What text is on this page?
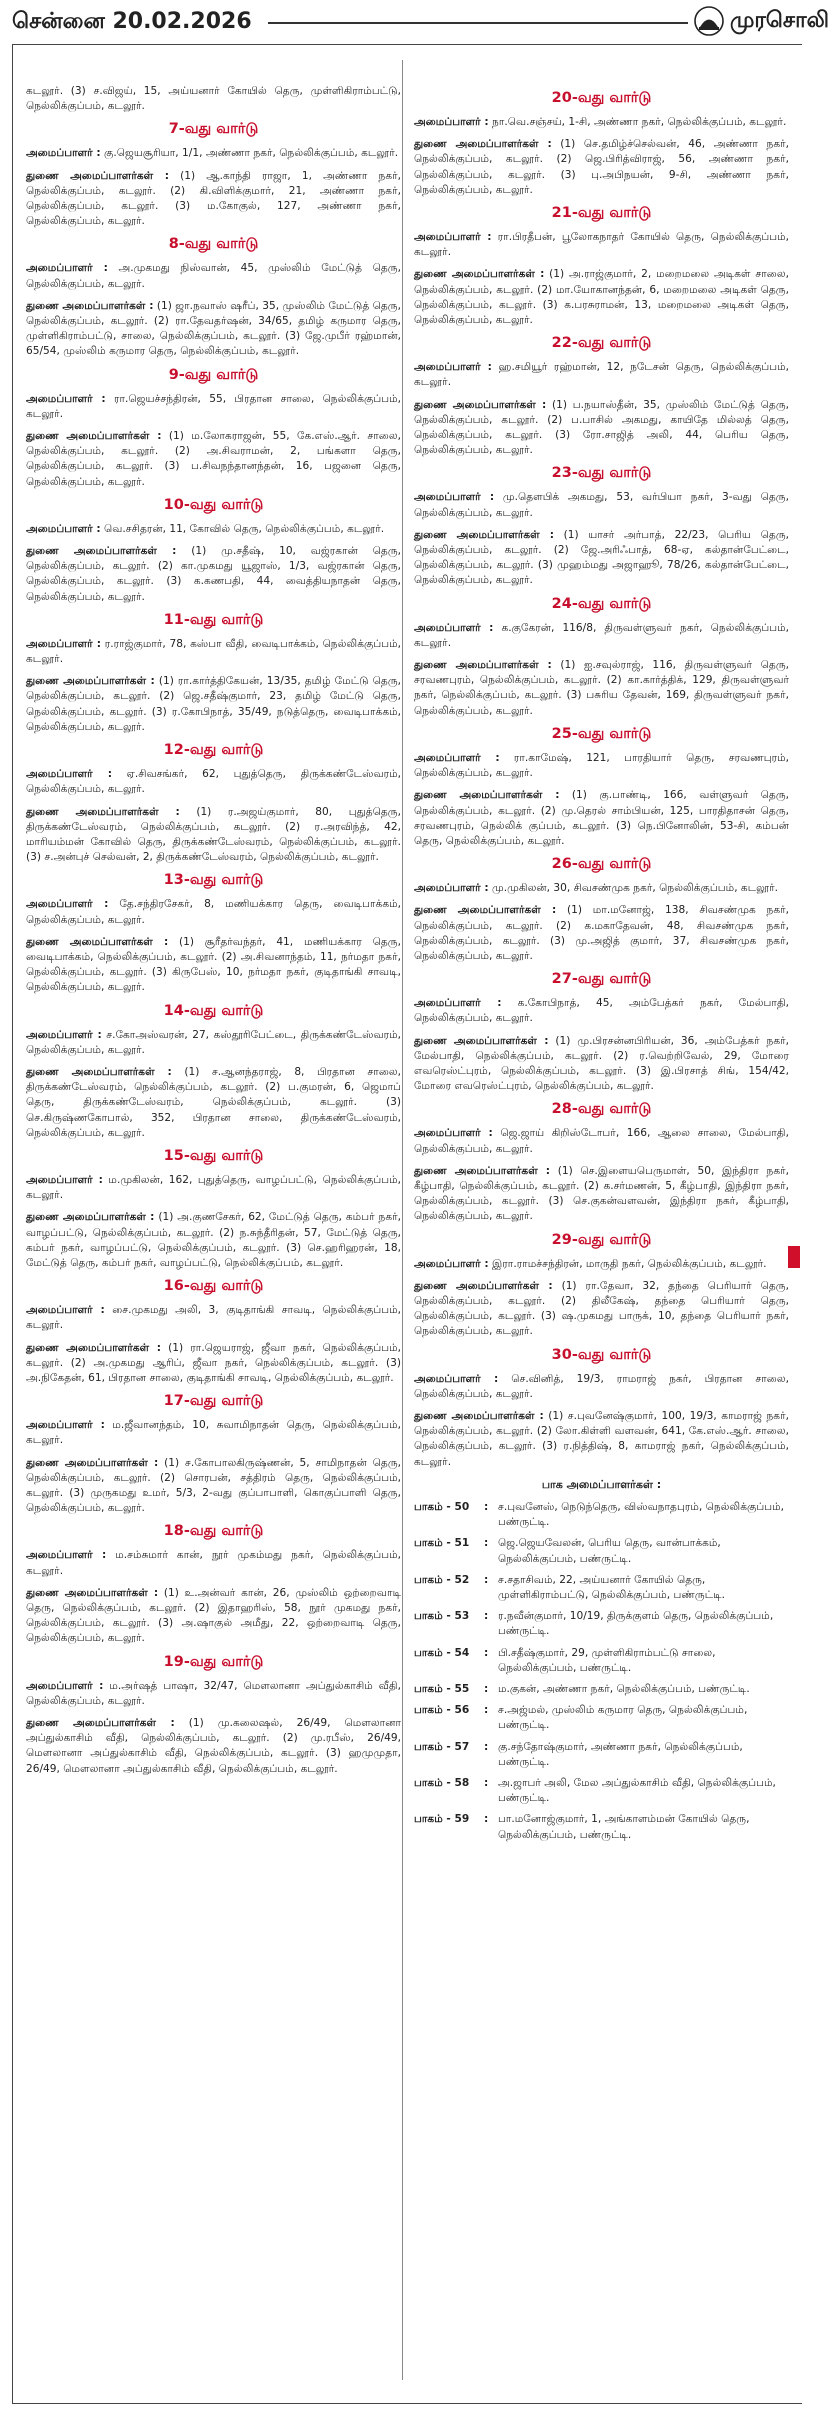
சென்னை 20.02.2026	முரசொலி

கடலூர். (3) ச.விஜய், 15, அய்யனார் கோயில் தெரு, முள்ளிகிராம்பட்டு, நெல்லிக்குப்பம், கடலூர்.

7-வது வார்டு

அமைப்பாளர் : கு.ஜெயசூரியா, 1/1, அண்ணா நகர், நெல்லிக்குப்பம், கடலூர்.

துணை அமைப்பாளர்கள் : (1) ஆ.காந்தி ராஜா, 1, அண்ணா நகர், நெல்லிக்குப்பம், கடலூர். (2) கி.விளிக்குமார், 21, அண்ணா நகர், நெல்லிக்குப்பம், கடலூர். (3) ம.கோகுல், 127, அண்ணா நகர், நெல்லிக்குப்பம், கடலூர்.

8-வது வார்டு

அமைப்பாளர் : அ.முகமது நிஸ்வான், 45, முஸ்லிம் மேட்டுத் தெரு, நெல்லிக்குப்பம், கடலூர்.

துணை அமைப்பாளர்கள் : (1) ஜா.நவாஸ் ஷரீப், 35, முஸ்லிம் மேட்டுத் தெரு, நெல்லிக்குப்பம், கடலூர். (2) ரா.தேவதர்ஷன், 34/65, தமிழ் கருமார தெரு, முள்ளிகிராம்பட்டு, சாலை, நெல்லிக்குப்பம், கடலூர். (3) ஜே.முபீர் ரஹ்மான், 65/54, முஸ்லிம் கருமார தெரு, நெல்லிக்குப்பம், கடலூர்.

9-வது வார்டு

அமைப்பாளர் : ரா.ஜெயச்சந்திரன், 55, பிரதான சாலை, நெல்லிக்குப்பம், கடலூர்.

துணை அமைப்பாளர்கள் : (1) ம.லோகராஜன், 55, கே.எஸ்.ஆர். சாலை, நெல்லிக்குப்பம், கடலூர். (2) அ.சிவராமன், 2, பங்களா தெரு, நெல்லிக்குப்பம், கடலூர். (3) ப.சிவநந்தானந்தன், 16, பஜனை தெரு, நெல்லிக்குப்பம், கடலூர்.

10-வது வார்டு

அமைப்பாளர் : வெ.சசிதரன், 11, கோவில் தெரு, நெல்லிக்குப்பம், கடலூர்.

துணை அமைப்பாளர்கள் : (1) மு.சதீஷ், 10, வஜ்ரகான் தெரு, நெல்லிக்குப்பம், கடலூர். (2) கா.முகமது யூஜாஸ், 1/3, வஜ்ரகான் தெரு, நெல்லிக்குப்பம், கடலூர். (3) க.கணபதி, 44, வைத்தியநாதன் தெரு, நெல்லிக்குப்பம், கடலூர்.

11-வது வார்டு

அமைப்பாளர் : ர.ராஜ்குமார், 78, கஸ்பா வீதி, வைடிபாக்கம், நெல்லிக்குப்பம், கடலூர்.

துணை அமைப்பாளர்கள் : (1) ரா.கார்த்திகேயன், 13/35, தமிழ் மேட்டு தெரு, நெல்லிக்குப்பம், கடலூர். (2) ஜெ.சதீஷ்குமார், 23, தமிழ் மேட்டு தெரு, நெல்லிக்குப்பம், கடலூர். (3) ர.கோபிநாத், 35/49, நடுத்தெரு, வைடிபாக்கம், நெல்லிக்குப்பம், கடலூர்.

12-வது வார்டு

அமைப்பாளர் : ஏ.சிவசங்கர், 62, புதுத்தெரு, திருக்கண்டேஸ்வரம், நெல்லிக்குப்பம், கடலூர்.

துணை அமைப்பாளர்கள் : (1) ர.அஜய்குமார், 80, புதுத்தெரு, திருக்கண்டேஸ்வரம், நெல்லிக்குப்பம், கடலூர். (2) ர.அரவிந்த், 42, மாரியம்மன் கோவில் தெரு, திருக்கண்டேஸ்வரம், நெல்லிக்குப்பம், கடலூர். (3) ச.அன்புச் செல்வன், 2, திருக்கண்டேஸ்வரம், நெல்லிக்குப்பம், கடலூர்.

13-வது வார்டு

அமைப்பாளர் : தே.சந்திரசேகர், 8, மணியக்கார தெரு, வைடிபாக்கம், நெல்லிக்குப்பம், கடலூர்.

துணை அமைப்பாளர்கள் : (1) சூரீதர்வந்தர், 41, மணியக்கார தெரு, வைடிபாக்கம், நெல்லிக்குப்பம், கடலூர். (2) அ.சிவனாந்தம், 11, நர்மதா நகர், நெல்லிக்குப்பம், கடலூர். (3) கிருபேஸ், 10, நர்மதா நகர், குடிதாங்கி சாவடி, நெல்லிக்குப்பம், கடலூர்.

14-வது வார்டு

அமைப்பாளர் : ச.கோஅஸ்வரன், 27, கஸ்தூரிபேட்டை, திருக்கண்டேஸ்வரம், நெல்லிக்குப்பம், கடலூர்.

துணை அமைப்பாளர்கள் : (1) ச.ஆனந்தராஜ், 8, பிரதான சாலை, திருக்கண்டேஸ்வரம், நெல்லிக்குப்பம், கடலூர். (2) ப.குமரன், 6, ஜெமாப் தெரு, திருக்கண்டேஸ்வரம், நெல்லிக்குப்பம், கடலூர். (3) செ.கிருஷ்ணகோபால், 352, பிரதான சாலை, திருக்கண்டேஸ்வரம், நெல்லிக்குப்பம், கடலூர்.

15-வது வார்டு

அமைப்பாளர் : ம.முகிலன், 162, புதுத்தெரு, வாழப்பட்டு, நெல்லிக்குப்பம், கடலூர்.

துணை அமைப்பாளர்கள் : (1) அ.குணசேகர், 62, மேட்டுத் தெரு, கம்பர் நகர், வாழப்பட்டு, நெல்லிக்குப்பம், கடலூர். (2) ந.சுந்தீரிதன், 57, மேட்டுத் தெரு, கம்பர் நகர், வாழப்பட்டு, நெல்லிக்குப்பம், கடலூர். (3) செ.ஹரிஹரன், 18, மேட்டுத் தெரு, கம்பர் நகர், வாழப்பட்டு, நெல்லிக்குப்பம், கடலூர்.

16-வது வார்டு

அமைப்பாளர் : சை.முகமது அலி, 3, குடிதாங்கி சாவடி, நெல்லிக்குப்பம், கடலூர்.

துணை அமைப்பாளர்கள் : (1) ரா.ஜெயராஜ், ஜீவா நகர், நெல்லிக்குப்பம், கடலூர். (2) அ.முகமது ஆரிப், ஜீவா நகர், நெல்லிக்குப்பம், கடலூர். (3) அ.நிகேதன், 61, பிரதான சாலை, குடிதாங்கி சாவடி, நெல்லிக்குப்பம், கடலூர்.

17-வது வார்டு

அமைப்பாளர் : ம.ஜீவானந்தம், 10, சுவாமிநாதன் தெரு, நெல்லிக்குப்பம், கடலூர்.

துணை அமைப்பாளர்கள் : (1) ச.கோபாலகிருஷ்ணன், 5, சாமிநாதன் தெரு, நெல்லிக்குப்பம், கடலூர். (2) சொரபன், சத்திரம் தெரு, நெல்லிக்குப்பம், கடலூர். (3) முருகமது உமர், 5/3, 2-வது குப்பாபாளி, கொகுப்பாளி தெரு, நெல்லிக்குப்பம், கடலூர்.

18-வது வார்டு

அமைப்பாளர் : ம.சம்சுமார் கான், நூர் முகம்மது நகர், நெல்லிக்குப்பம், கடலூர்.

துணை அமைப்பாளர்கள் : (1) உ.அன்வர் கான், 26, முஸ்லிம் ஒற்றைவாடி தெரு, நெல்லிக்குப்பம், கடலூர். (2) இதாஹரிஸ், 58, நூர் முகமது நகர், நெல்லிக்குப்பம், கடலூர். (3) அ.ஷாகுல் அமீது, 22, ஒற்றைவாடி தெரு, நெல்லிக்குப்பம், கடலூர்.

19-வது வார்டு

அமைப்பாளர் : ம.அர்ஷத் பாஷா, 32/47, மௌலானா அப்துல்காசிம் வீதி, நெல்லிக்குப்பம், கடலூர்.

துணை அமைப்பாளர்கள் : (1) மு.கலைஷல், 26/49, மௌலானா அப்துல்காசிம் வீதி, நெல்லிக்குப்பம், கடலூர். (2) மு.ரபீஸ், 26/49, மௌலானா அப்துல்காசிம் வீதி, நெல்லிக்குப்பம், கடலூர். (3) ஹமுமுதா, 26/49, மௌலானா அப்துல்காசிம் வீதி, நெல்லிக்குப்பம், கடலூர்.

20-வது வார்டு

அமைப்பாளர் : நா.வெ.சஞ்சய், 1-சி, அண்ணா நகர், நெல்லிக்குப்பம், கடலூர்.

துணை அமைப்பாளர்கள் : (1) செ.தமிழ்ச்செல்வன், 46, அண்ணா நகர், நெல்லிக்குப்பம், கடலூர். (2) ஜெ.பிரித்விராஜ், 56, அண்ணா நகர், நெல்லிக்குப்பம், கடலூர். (3) பு.அபிநயன், 9-சி, அண்ணா நகர், நெல்லிக்குப்பம், கடலூர்.

21-வது வார்டு

அமைப்பாளர் : ரா.பிரதீபன், பூலோகநாதர் கோயில் தெரு, நெல்லிக்குப்பம், கடலூர்.

துணை அமைப்பாளர்கள் : (1) அ.ராஜ்குமார், 2, மறைமலை அடிகள் சாலை, நெல்லிக்குப்பம், கடலூர். (2) மா.யோகானந்தன், 6, மறைமலை அடிகள் தெரு, நெல்லிக்குப்பம், கடலூர். (3) க.பரசுராமன், 13, மறைமலை அடிகள் தெரு, நெல்லிக்குப்பம், கடலூர்.

22-வது வார்டு

அமைப்பாளர் : ஹ.சமியூர் ரஹ்மான், 12, நடேசன் தெரு, நெல்லிக்குப்பம், கடலூர்.

துணை அமைப்பாளர்கள் : (1) ப.நயாஸ்தீன், 35, முஸ்லிம் மேட்டுத் தெரு, நெல்லிக்குப்பம், கடலூர். (2) ப.பாசில் அகமது, காயிதே மில்லத் தெரு, நெல்லிக்குப்பம், கடலூர். (3) ரோ.சாஜித் அலி, 44, பெரிய தெரு, நெல்லிக்குப்பம், கடலூர்.

23-வது வார்டு

அமைப்பாளர் : மு.தௌபிக் அகமது, 53, வர்பியா நகர், 3-வது தெரு, நெல்லிக்குப்பம், கடலூர்.

துணை அமைப்பாளர்கள் : (1) யாசர் அர்பாத், 22/23, பெரிய தெரு, நெல்லிக்குப்பம், கடலூர். (2) ஜே.அரிஃபாத், 68-ஏ, கல்தான்பேட்டை, நெல்லிக்குப்பம், கடலூர். (3) முஹம்மது அஜாஹூ, 78/26, கல்தான்பேட்டை, நெல்லிக்குப்பம், கடலூர்.

24-வது வார்டு

அமைப்பாளர் : க.குகேரன், 116/8, திருவள்ளுவர் நகர், நெல்லிக்குப்பம், கடலூர்.

துணை அமைப்பாளர்கள் : (1) ஐ.சவுல்ராஜ், 116, திருவள்ளுவர் தெரு, சரவணபுரம், நெல்லிக்குப்பம், கடலூர். (2) கா.கார்த்திக், 129, திருவள்ளுவர் நகர், நெல்லிக்குப்பம், கடலூர். (3) பசுரிய தேவன், 169, திருவள்ளுவர் நகர், நெல்லிக்குப்பம், கடலூர்.

25-வது வார்டு

அமைப்பாளர் : ரா.காமேஷ், 121, பாரதியார் தெரு, சரவணபுரம், நெல்லிக்குப்பம், கடலூர்.

துணை அமைப்பாளர்கள் : (1) கு.பாண்டி, 166, வள்ளுவர் தெரு, நெல்லிக்குப்பம், கடலூர். (2) மு.தெரல் சாம்பியன், 125, பாரதிதாசன் தெரு, சரவணபுரம், நெல்லிக் குப்பம், கடலூர். (3) நெ.பினோலின், 53-சி, கம்பன் தெரு, நெல்லிக்குப்பம், கடலூர்.

26-வது வார்டு

அமைப்பாளர் : மு.முகிலன், 30, சிவசண்முக நகர், நெல்லிக்குப்பம், கடலூர்.

துணை அமைப்பாளர்கள் : (1) மா.மனோஜ், 138, சிவசண்முக நகர், நெல்லிக்குப்பம், கடலூர். (2) க.மகாதேவன், 48, சிவசண்முக நகர், நெல்லிக்குப்பம், கடலூர். (3) மு.அஜித் குமார், 37, சிவசண்முக நகர், நெல்லிக்குப்பம், கடலூர்.

27-வது வார்டு

அமைப்பாளர் : க.கோபிநாத், 45, அம்பேத்கர் நகர், மேல்பாதி, நெல்லிக்குப்பம், கடலூர்.

துணை அமைப்பாளர்கள் : (1) மு.பிரசன்னபிரியன், 36, அம்பேத்கர் நகர், மேல்பாதி, நெல்லிக்குப்பம், கடலூர். (2) ர.வெற்றிவேல், 29, மோரை எவரெஸ்ட்புரம், நெல்லிக்குப்பம், கடலூர். (3) இ.பிரசாத் சிங், 154/42, மோரை எவரெஸ்ட்புரம், நெல்லிக்குப்பம், கடலூர்.

28-வது வார்டு

அமைப்பாளர் : ஜெ.ஜாய் கிறிஸ்டோபர், 166, ஆலை சாலை, மேல்பாதி, நெல்லிக்குப்பம், கடலூர்.

துணை அமைப்பாளர்கள் : (1) செ.இளையபெருமாள், 50, இந்திரா நகர், கீழ்பாதி, நெல்லிக்குப்பம், கடலூர். (2) க.சர்மணன், 5, கீழ்பாதி, இந்திரா நகர், நெல்லிக்குப்பம், கடலூர். (3) செ.குகன்வளவன், இந்திரா நகர், கீழ்பாதி, நெல்லிக்குப்பம், கடலூர்.

29-வது வார்டு

அமைப்பாளர் : இரா.ராமச்சந்திரன், மாருதி நகர், நெல்லிக்குப்பம், கடலூர்.

துணை அமைப்பாளர்கள் : (1) ரா.தேவா, 32, தந்தை பெரியார் தெரு, நெல்லிக்குப்பம், கடலூர். (2) திலீகேஷ், தந்தை பெரியார் தெரு, நெல்லிக்குப்பம், கடலூர். (3) ஷ.முகமது பாருக், 10, தந்தை பெரியார் நகர், நெல்லிக்குப்பம், கடலூர்.

30-வது வார்டு

அமைப்பாளர் : செ.வினித், 19/3, ராமராஜ் நகர், பிரதான சாலை, நெல்லிக்குப்பம், கடலூர்.

துணை அமைப்பாளர்கள் : (1) ச.புவனேஷ்குமார், 100, 19/3, காமராஜ் நகர், நெல்லிக்குப்பம், கடலூர். (2) லோ.கிள்ளி வளவன், 641, கே.எஸ்.ஆர். சாலை, நெல்லிக்குப்பம், கடலூர். (3) ர.நித்திஷ், 8, காமராஜ் நகர், நெல்லிக்குப்பம், கடலூர்.

பாக அமைப்பாளர்கள் :
பாகம் - 50	: ச.புவனேஸ், நெடுந்தெரு, விஸ்வநாதபுரம், நெல்லிக்குப்பம், பண்ருட்டி.
பாகம் - 51	: ஜெ.ஜெயவேலன், பெரிய தெரு, வான்பாக்கம், நெல்லிக்குப்பம், பண்ருட்டி.
பாகம் - 52	: ச.சதாசிவம், 22, அய்யனார் கோயில் தெரு, முள்ளிகிராம்பட்டு, நெல்லிக்குப்பம், பண்ருட்டி.
பாகம் - 53	: ர.நவீன்குமார், 10/19, திருக்குளம் தெரு, நெல்லிக்குப்பம், பண்ருட்டி.
பாகம் - 54	: பி.சதீஷ்குமார், 29, முள்ளிகிராம்பட்டு சாலை, நெல்லிக்குப்பம், பண்ருட்டி.
பாகம் - 55	: ம.குகன், அண்ணா நகர், நெல்லிக்குப்பம், பண்ருட்டி.
பாகம் - 56	: ச.அஜ்மல், முஸ்லிம் கருமார தெரு, நெல்லிக்குப்பம், பண்ருட்டி.
பாகம் - 57	: கு.சந்தோஷ்குமார், அண்ணா நகர், நெல்லிக்குப்பம், பண்ருட்டி.
பாகம் - 58	: அ.ஜாபர் அலி, மேல அப்துல்காசிம் வீதி, நெல்லிக்குப்பம், பண்ருட்டி.
பாகம் - 59	: பா.மனோஜ்குமார், 1, அங்காளம்மன் கோயில் தெரு, நெல்லிக்குப்பம், பண்ருட்டி.
